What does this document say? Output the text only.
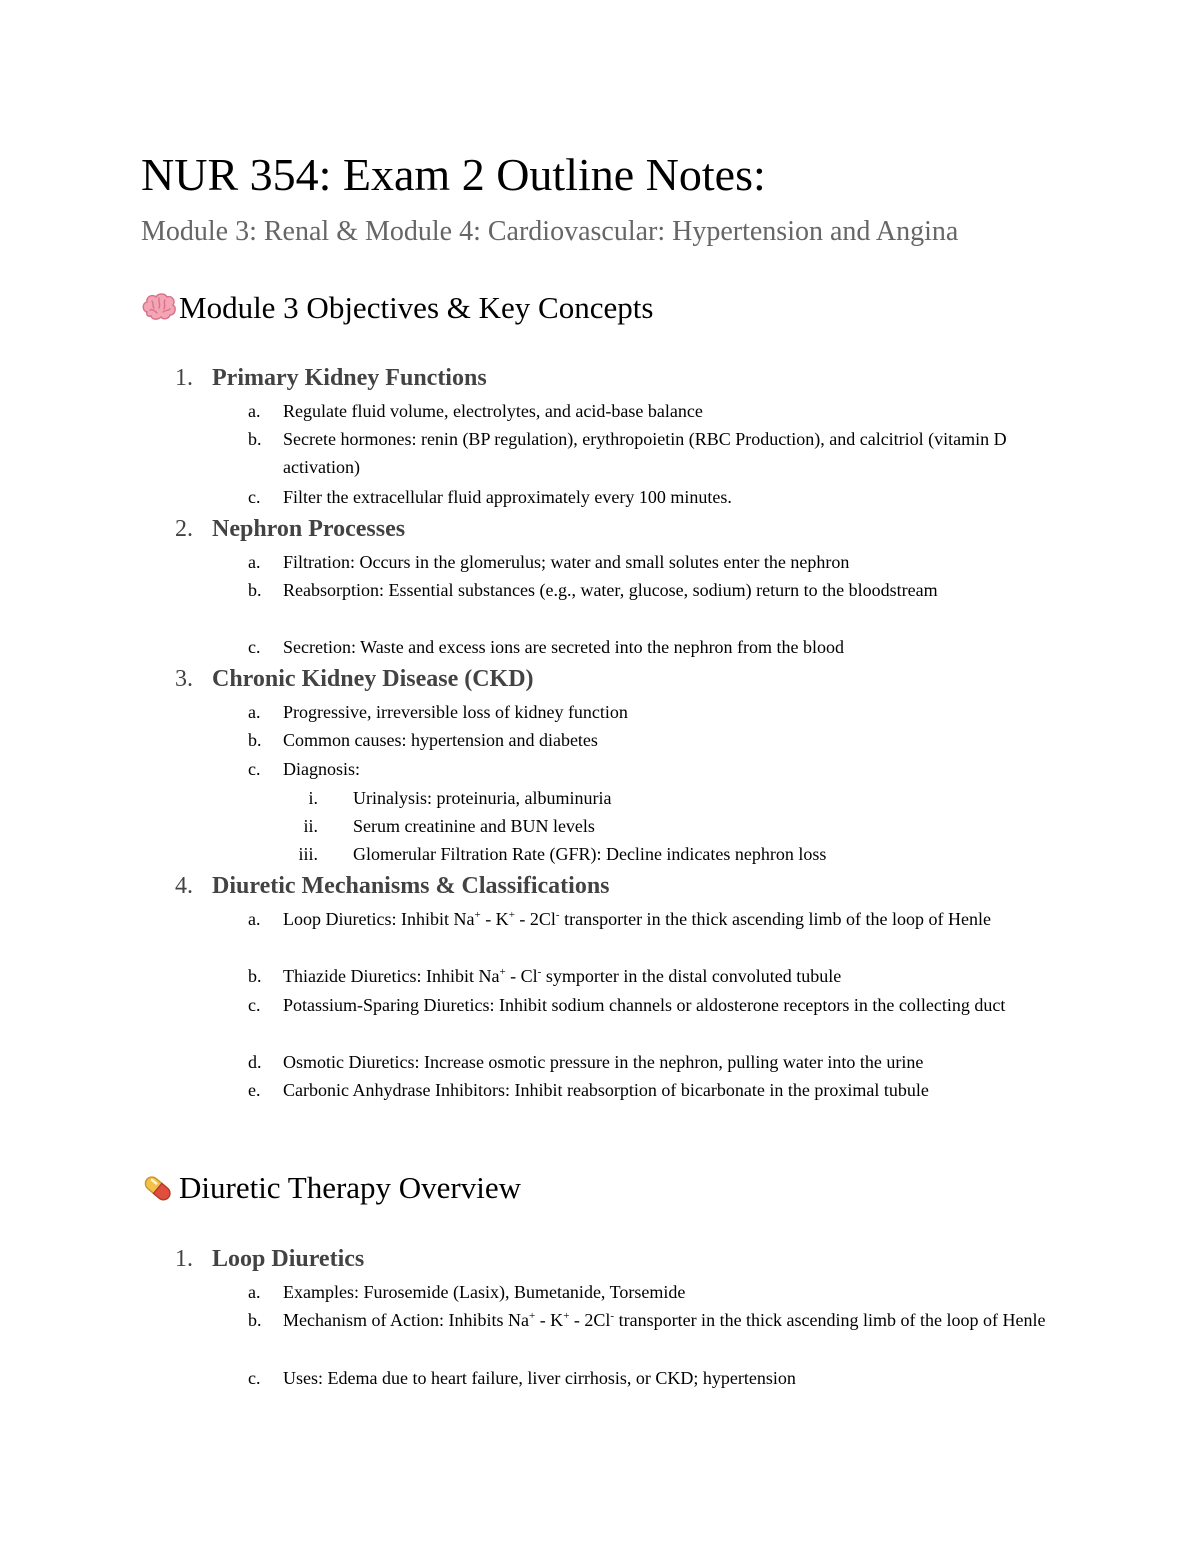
NUR 354: Exam 2 Outline Notes:
Module 3: Renal & Module 4: Cardiovascular: Hypertension and Angina
Module 3 Objectives & Key Concepts
1. Primary Kidney Functions
a.	Regulate fluid volume, electrolytes, and acid-base balance
b.	Secrete hormones: renin (BP regulation), erythropoietin (RBC Production), and calcitriol (vitamin D activation)
c.	Filter the extracellular fluid approximately every 100 minutes.
2. Nephron Processes
a.	Filtration: Occurs in the glomerulus; water and small solutes enter the nephron
b.	Reabsorption: Essential substances (e.g., water, glucose, sodium) return to the bloodstream
c.	Secretion: Waste and excess ions are secreted into the nephron from the blood
3. Chronic Kidney Disease (CKD)
a.	Progressive, irreversible loss of kidney function
b.	Common causes: hypertension and diabetes
c.	Diagnosis:
i. Urinalysis: proteinuria, albuminuria
ii. Serum creatinine and BUN levels
iii. Glomerular Filtration Rate (GFR): Decline indicates nephron loss
4. Diuretic Mechanisms & Classifications
a.	Loop Diuretics: Inhibit Na+ - K+ - 2Cl- transporter in the thick ascending limb of the loop of Henle
b.	Thiazide Diuretics: Inhibit Na+ - Cl- symporter in the distal convoluted tubule
c.	Potassium-Sparing Diuretics: Inhibit sodium channels or aldosterone receptors in the collecting duct
d.	Osmotic Diuretics: Increase osmotic pressure in the nephron, pulling water into the urine
e.	Carbonic Anhydrase Inhibitors: Inhibit reabsorption of bicarbonate in the proximal tubule
Diuretic Therapy Overview
1. Loop Diuretics
a.	Examples: Furosemide (Lasix), Bumetanide, Torsemide
b.	Mechanism of Action: Inhibits Na+ - K+ - 2Cl- transporter in the thick ascending limb of the loop of Henle
c.	Uses: Edema due to heart failure, liver cirrhosis, or CKD; hypertension
